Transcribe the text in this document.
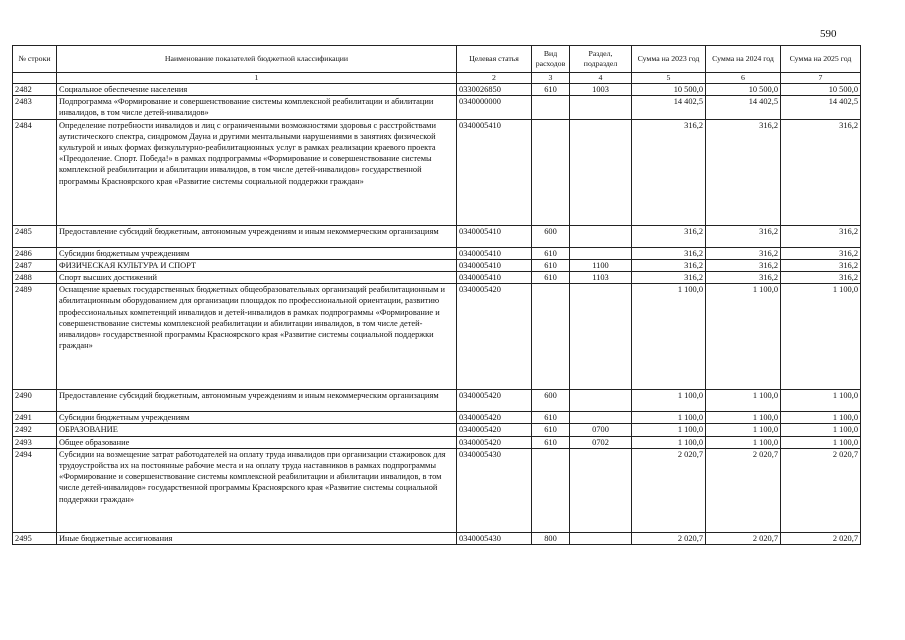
590
№ строки	Наименование показателей бюджетной классификации	Целевая статья	Вид расходов	Раздел, подраздел	Сумма на 2023 год	Сумма на 2024 год	Сумма на 2025 год
	1	2	3	4	5	6	7
2482	Социальное обеспечение населения	0330026850	610	1003	10 500,0	10 500,0	10 500,0
2483	Подпрограмма «Формирование и совершенствование системы комплексной реабилитации и абилитации инвалидов, в том числе детей-инвалидов»	0340000000			14 402,5	14 402,5	14 402,5
2484	Определение потребности инвалидов и лиц с ограниченными возможностями здоровья с расстройствами аутистического спектра, синдромом Дауна и другими ментальными нарушениями в занятиях физической культурой и иных формах физкультурно-реабилитационных услуг в рамках реализации краевого проекта «Преодоление. Спорт. Победа!» в рамках подпрограммы «Формирование и совершенствование системы комплексной реабилитации и абилитации инвалидов, в том числе детей-инвалидов» государственной программы Красноярского края «Развитие системы социальной поддержки граждан»	0340005410			316,2	316,2	316,2
2485	Предоставление субсидий бюджетным, автономным учреждениям и иным некоммерческим организациям	0340005410	600		316,2	316,2	316,2
2486	Субсидии бюджетным учреждениям	0340005410	610		316,2	316,2	316,2
2487	ФИЗИЧЕСКАЯ КУЛЬТУРА И СПОРТ	0340005410	610	1100	316,2	316,2	316,2
2488	Спорт высших достижений	0340005410	610	1103	316,2	316,2	316,2
2489	Оснащение краевых государственных бюджетных общеобразовательных организаций реабилитационным и абилитационным оборудованием для организации площадок по профессиональной ориентации, развитию профессиональных компетенций инвалидов и детей-инвалидов в рамках подпрограммы «Формирование и совершенствование системы комплексной реабилитации и абилитации инвалидов, в том числе детей-инвалидов» государственной программы Красноярского края «Развитие системы социальной поддержки граждан»	0340005420			1 100,0	1 100,0	1 100,0
2490	Предоставление субсидий бюджетным, автономным учреждениям и иным некоммерческим организациям	0340005420	600		1 100,0	1 100,0	1 100,0
2491	Субсидии бюджетным учреждениям	0340005420	610		1 100,0	1 100,0	1 100,0
2492	ОБРАЗОВАНИЕ	0340005420	610	0700	1 100,0	1 100,0	1 100,0
2493	Общее образование	0340005420	610	0702	1 100,0	1 100,0	1 100,0
2494	Субсидии на возмещение затрат работодателей на оплату труда инвалидов при организации стажировок для трудоустройства их на постоянные рабочие места и на оплату труда наставников в рамках подпрограммы «Формирование и совершенствование системы комплексной реабилитации и абилитации инвалидов, в том числе детей-инвалидов» государственной программы Красноярского края «Развитие системы социальной поддержки граждан»	0340005430			2 020,7	2 020,7	2 020,7
2495	Иные бюджетные ассигнования	0340005430	800		2 020,7	2 020,7	2 020,7
